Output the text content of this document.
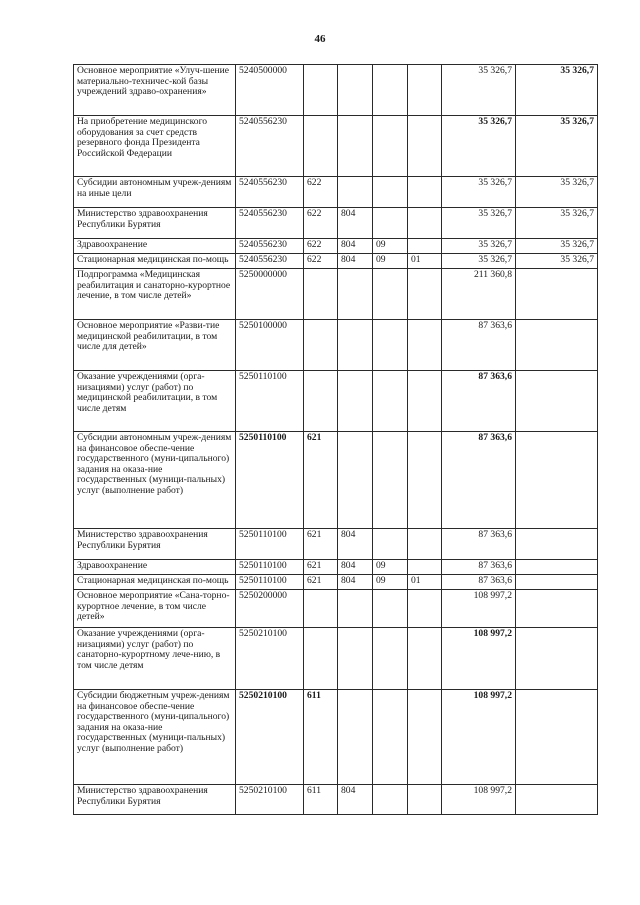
46
Основное мероприятие «Улуч-шение материально-техничес-кой базы учреждений здраво-охранения»	5240500000					35 326,7	35 326,7
На приобретение медицинского оборудования за счет средств резервного фонда Президента Российской Федерации	5240556230					35 326,7	35 326,7
Субсидии автономным учреж-дениям на иные цели	5240556230	622				35 326,7	35 326,7
Министерство здравоохранения Республики Бурятия	5240556230	622	804			35 326,7	35 326,7
Здравоохранение	5240556230	622	804	09		35 326,7	35 326,7
Стационарная медицинская по-мощь	5240556230	622	804	09	01	35 326,7	35 326,7
Подпрограмма «Медицинская реабилитация и санаторно-курортное лечение, в том числе детей»	5250000000					211 360,8	
Основное мероприятие «Разви-тие медицинской реабилитации, в том числе для детей»	5250100000					87 363,6	
Оказание учреждениями (орга-низациями) услуг (работ) по медицинской реабилитации, в том числе детям	5250110100					87 363,6	
Субсидии автономным учреж-дениям на финансовое обеспе-чение государственного (муни-ципального) задания на оказа-ние государственных (муници-пальных) услуг (выполнение работ)	5250110100	621				87 363,6	
Министерство здравоохранения Республики Бурятия	5250110100	621	804			87 363,6	
Здравоохранение	5250110100	621	804	09		87 363,6	
Стационарная медицинская по-мощь	5250110100	621	804	09	01	87 363,6	
Основное мероприятие «Сана-торно-курортное лечение, в том числе детей»	5250200000					108 997,2	
Оказание учреждениями (орга-низациями) услуг (работ) по санаторно-курортному лече-нию, в том числе детям	5250210100					108 997,2	
Субсидии бюджетным учреж-дениям на финансовое обеспе-чение государственного (муни-ципального) задания на оказа-ние государственных (муници-пальных) услуг (выполнение работ)	5250210100	611				108 997,2	
Министерство здравоохранения Республики Бурятия	5250210100	611	804			108 997,2	
